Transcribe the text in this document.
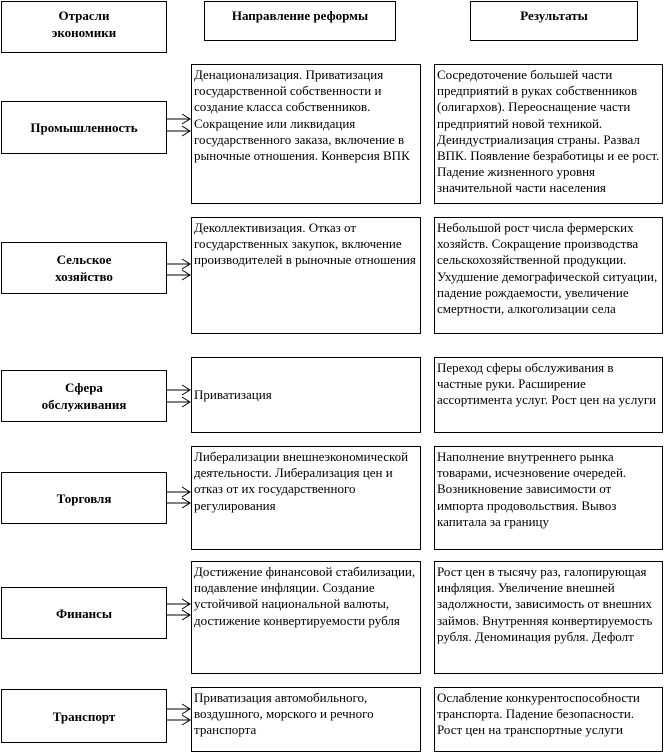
Отрасли экономики
Направление реформы	Результаты
Промышленность
Денационализация. Приватизация государственной собственности и создание класса собственников. Сокращение или ликвидация государственного заказа, включение в рыночные отношения. Конверсия ВПК
Сосредоточение большей части предприятий в руках собственников (олигархов). Переоснащение части предприятий новой техникой. Деиндустриализация страны. Развал ВПК. Появление безработицы и ее рост. Падение жизненного уровня значительной части населения
Сельское хозяйство
Деколлективизация. Отказ от государственных закупок, включение производителей в рыночные отношения
Небольшой рост числа фермерских хозяйств. Сокращение производства сельскохозяйственной продукции. Ухудшение демографической ситуации, падение рождаемости, увеличение смертности, алкоголизации села
Сфера обслуживания
Приватизация
Переход сферы обслуживания в частные руки. Расширение ассортимента услуг. Рост цен на услуги
Торговля
Либерализации внешнеэкономической деятельности. Либерализация цен и отказ от их государственного регулирования
Наполнение внутреннего рынка товарами, исчезновение очередей. Возникновение зависимости от импорта продовольствия. Вывоз капитала за границу
Финансы
Достижение финансовой стабилизации, подавление инфляции. Создание устойчивой национальной валюты, достижение конвертируемости рубля
Рост цен в тысячу раз, галопирующая инфляция. Увеличение внешней задолжности, зависимость от внешних займов. Внутренняя конвертируемость рубля. Деноминация рубля. Дефолт
Транспорт
Приватизация автомобильного, воздушного, морского и речного транспорта
Ослабление конкурентоспособности транспорта. Падение безопасности. Рост цен на транспортные услуги
